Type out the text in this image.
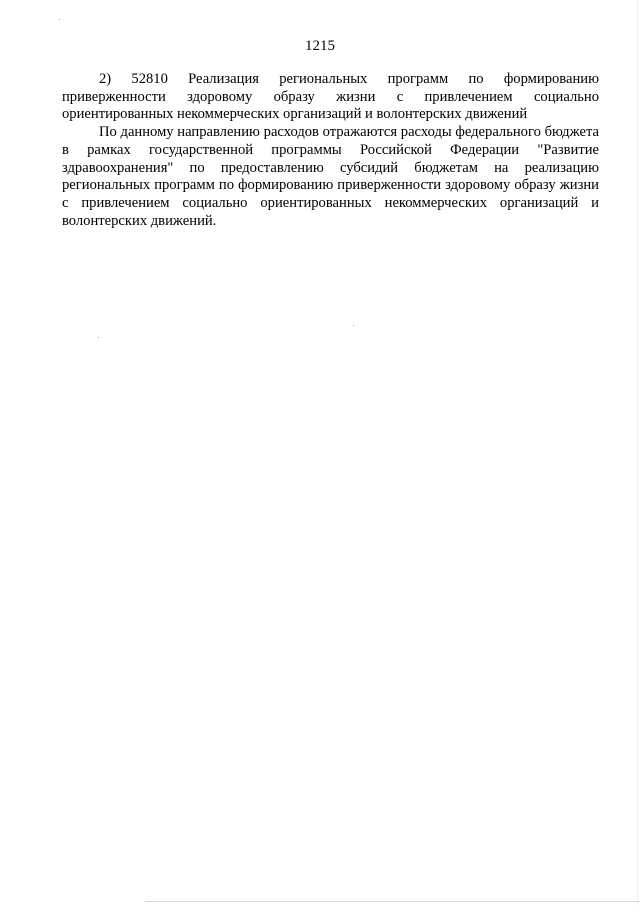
1215

2) 52810 Реализация региональных программ по формированию приверженности здоровому образу жизни с привлечением социально ориентированных некоммерческих организаций и волонтерских движений

По данному направлению расходов отражаются расходы федерального бюджета в рамках государственной программы Российской Федерации "Развитие здравоохранения" по предоставлению субсидий бюджетам на реализацию региональных программ по формированию приверженности здоровому образу жизни с привлечением социально ориентированных некоммерческих организаций и волонтерских движений.
